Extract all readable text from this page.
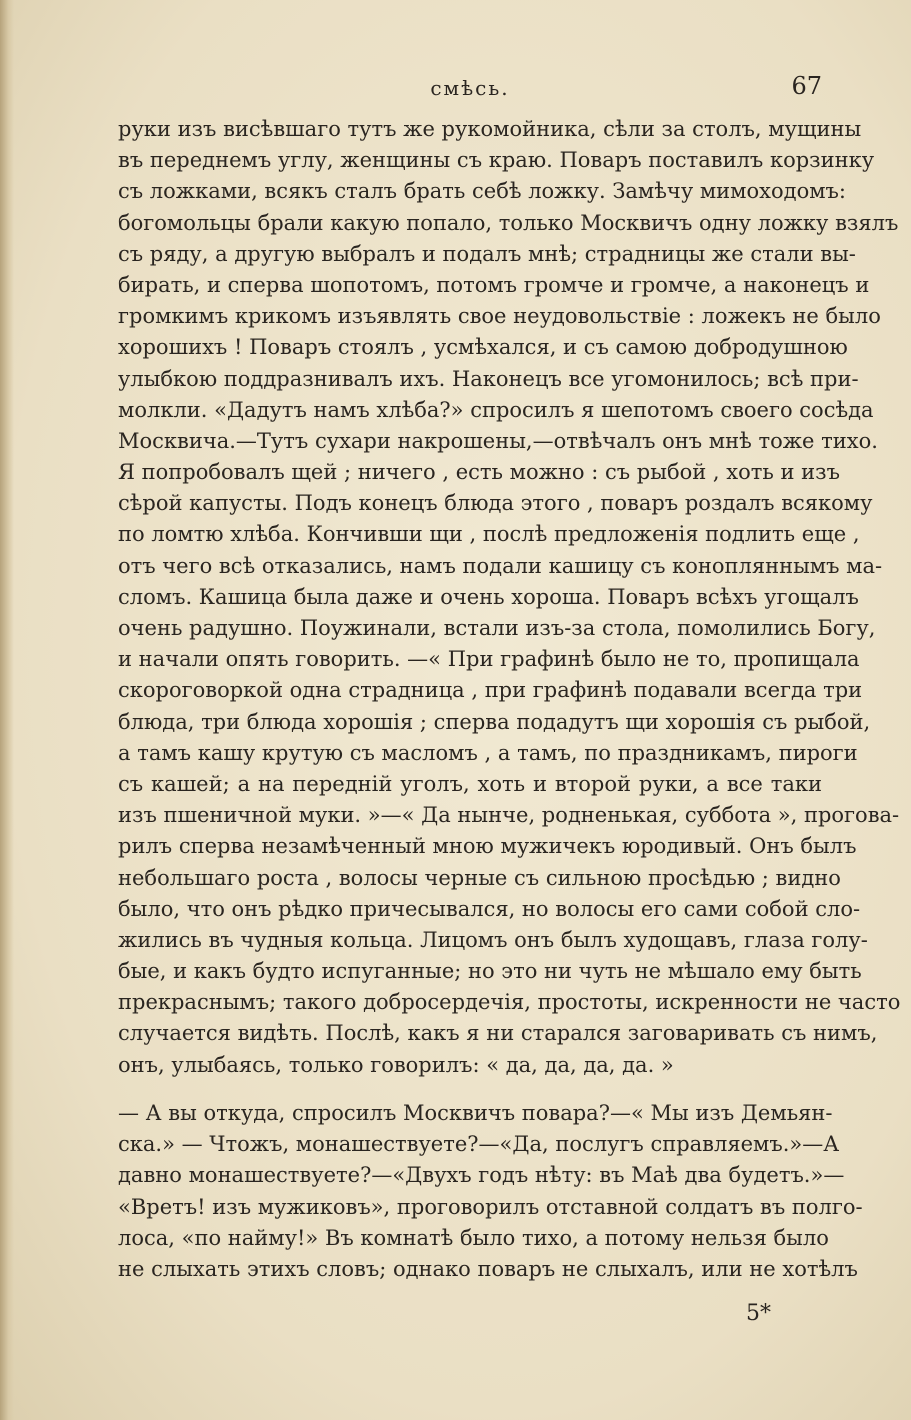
смѣсь.	67
руки изъ висѣвшаго тутъ же рукомойника, сѣли за столъ, мущины
въ переднемъ углу, женщины съ краю. Поваръ поставилъ корзинку
съ ложками, всякъ сталъ брать себѣ ложку. Замѣчу мимоходомъ:
богомольцы брали какую попало, только Москвичъ одну ложку взялъ
съ ряду, а другую выбралъ и подалъ мнѣ; страдницы же стали вы-
бирать, и сперва шопотомъ, потомъ громче и громче, а наконецъ и
громкимъ крикомъ изъявлять свое неудовольствіе : ложекъ не было
хорошихъ ! Поваръ стоялъ , усмѣхался, и съ самою добродушною
улыбкою поддразнивалъ ихъ. Наконецъ все угомонилось; всѣ при-
молкли. «Дадутъ намъ хлѣба?» спросилъ я шепотомъ своего сосѣда
Москвича.—Тутъ сухари накрошены,—отвѣчалъ онъ мнѣ тоже тихо.
Я попробовалъ щей ; ничего , есть можно : съ рыбой , хоть и изъ
сѣрой капусты. Подъ конецъ блюда этого , поваръ роздалъ всякому
по ломтю хлѣба. Кончивши щи , послѣ предложенія подлить еще ,
отъ чего всѣ отказались, намъ подали кашицу съ конопляннымъ ма-
сломъ. Кашица была даже и очень хороша. Поваръ всѣхъ угощалъ
очень радушно. Поужинали, встали изъ-за стола, помолились Богу,
и начали опять говорить. —« При графинѣ было не то, пропищала
скороговоркой одна страдница , при графинѣ подавали всегда три
блюда, три блюда хорошія ; сперва подадутъ щи хорошія съ рыбой,
а тамъ кашу крутую съ масломъ , а тамъ, по праздникамъ, пироги
съ кашей; а на передній уголъ, хоть и второй руки, а все таки
изъ пшеничной муки. »—« Да нынче, родненькая, суббота », прогова-
рилъ сперва незамѣченный мною мужичекъ юродивый. Онъ былъ
небольшаго роста , волосы черные съ сильною просѣдью ; видно
было, что онъ рѣдко причесывался, но волосы его сами собой сло-
жились въ чудныя кольца. Лицомъ онъ былъ худощавъ, глаза голу-
бые, и какъ будто испуганные; но это ни чуть не мѣшало ему быть
прекраснымъ; такого добросердечія, простоты, искренности не часто
случается видѣть. Послѣ, какъ я ни старался заговаривать съ нимъ,
онъ, улыбаясь, только говорилъ: « да, да, да, да. »
— А вы откуда, спросилъ Москвичъ повара?—« Мы изъ Демьян-
ска.» — Чтожъ, монашествуете?—«Да, послугъ справляемъ.»—А
давно монашествуете?—«Двухъ годъ нѣту: въ Маѣ два будетъ.»—
«Вретъ! изъ мужиковъ», проговорилъ отставной солдатъ въ полго-
лоса, «по найму!» Въ комнатѣ было тихо, а потому нельзя было
не слыхать этихъ словъ; однако поваръ не слыхалъ, или не хотѣлъ
5*
